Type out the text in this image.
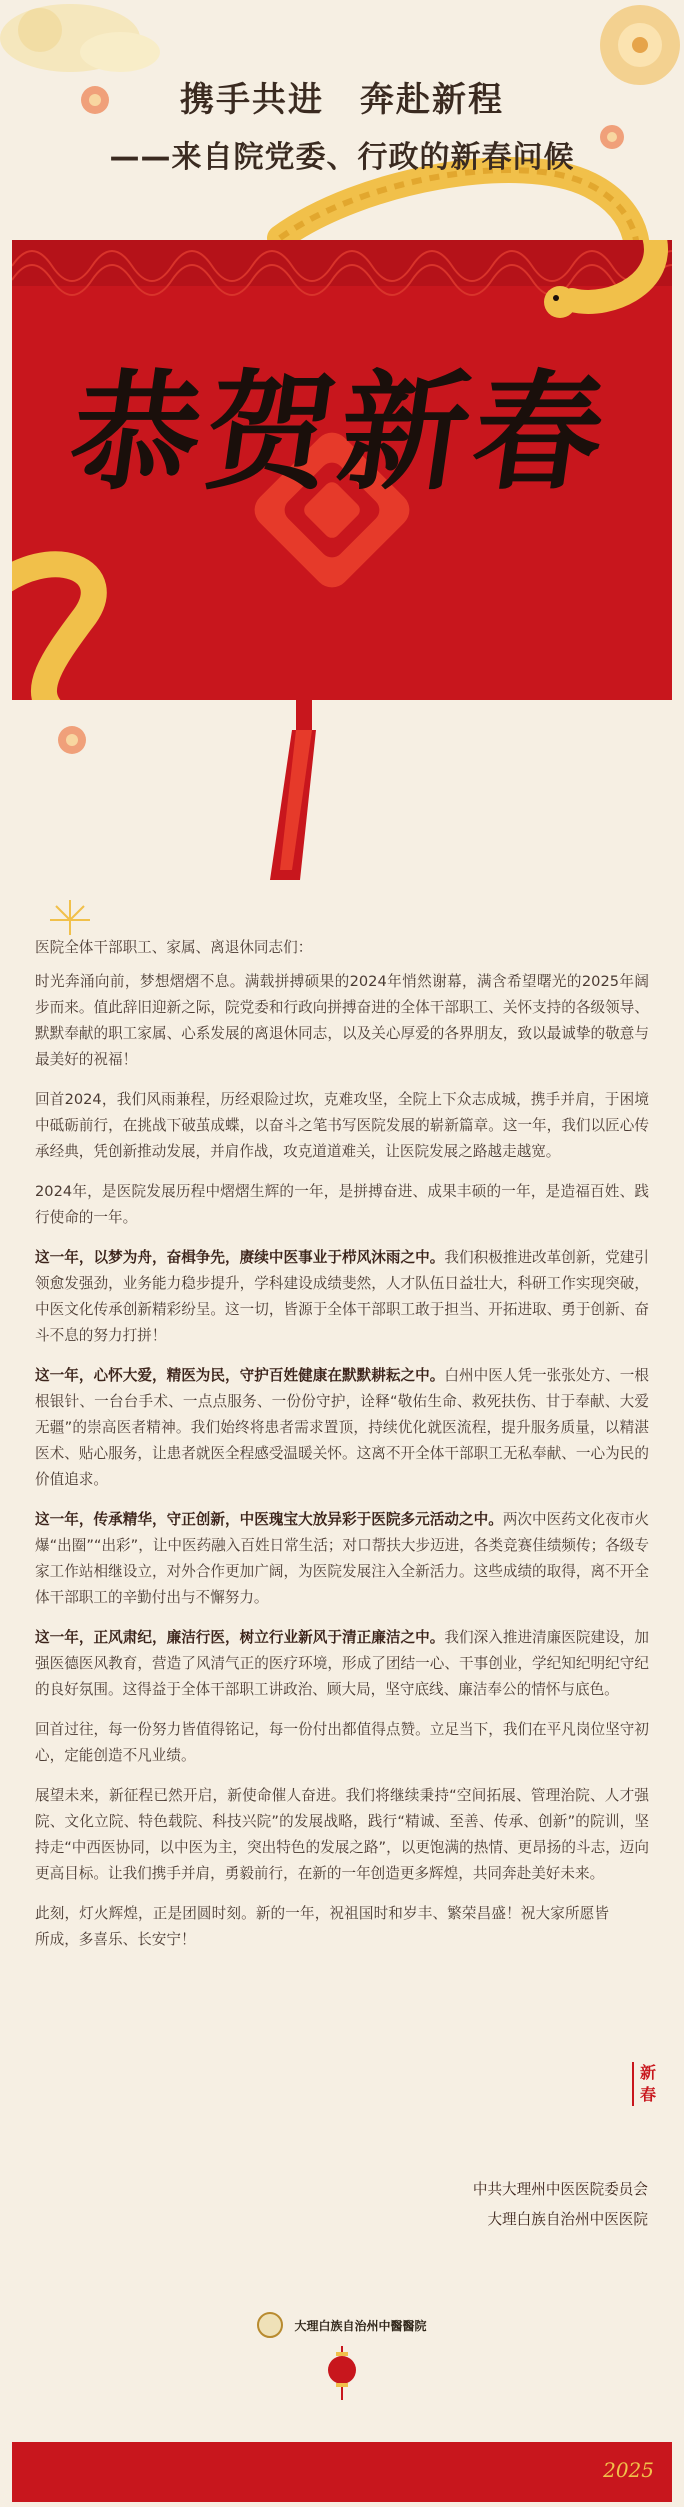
携手共进　奔赴新程
——来自院党委、行政的新春问候
恭贺新春

医院全体干部职工、家属、离退休同志们：

时光奔涌向前，梦想熠熠不息。满载拼搏硕果的2024年悄然谢幕，满含希望曙光的2025年阔步而来。值此辞旧迎新之际，院党委和行政向拼搏奋进的全体干部职工、关怀支持的各级领导、默默奉献的职工家属、心系发展的离退休同志，以及关心厚爱的各界朋友，致以最诚挚的敬意与最美好的祝福！

回首2024，我们风雨兼程，历经艰险过坎，克难攻坚，全院上下众志成城，携手并肩，于困境中砥砺前行，在挑战下破茧成蝶，以奋斗之笔书写医院发展的崭新篇章。这一年，我们以匠心传承经典，凭创新推动发展，并肩作战，攻克道道难关，让医院发展之路越走越宽。

2024年，是医院发展历程中熠熠生辉的一年，是拼搏奋进、成果丰硕的一年，是造福百姓、践行使命的一年。

这一年，以梦为舟，奋楫争先，赓续中医事业于栉风沐雨之中。我们积极推进改革创新，党建引领愈发强劲，业务能力稳步提升，学科建设成绩斐然，人才队伍日益壮大，科研工作实现突破，中医文化传承创新精彩纷呈。这一切，皆源于全体干部职工敢于担当、开拓进取、勇于创新、奋斗不息的努力打拼！

这一年，心怀大爱，精医为民，守护百姓健康在默默耕耘之中。白州中医人凭一张张处方、一根根银针、一台台手术、一点点服务、一份份守护，诠释“敬佑生命、救死扶伤、甘于奉献、大爱无疆”的崇高医者精神。我们始终将患者需求置顶，持续优化就医流程，提升服务质量，以精湛医术、贴心服务，让患者就医全程感受温暖关怀。这离不开全体干部职工无私奉献、一心为民的价值追求。

这一年，传承精华，守正创新，中医瑰宝大放异彩于医院多元活动之中。两次中医药文化夜市火爆“出圈”“出彩”，让中医药融入百姓日常生活；对口帮扶大步迈进，各类竞赛佳绩频传；各级专家工作站相继设立，对外合作更加广阔，为医院发展注入全新活力。这些成绩的取得，离不开全体干部职工的辛勤付出与不懈努力。

这一年，正风肃纪，廉洁行医，树立行业新风于清正廉洁之中。我们深入推进清廉医院建设，加强医德医风教育，营造了风清气正的医疗环境，形成了团结一心、干事创业，学纪知纪明纪守纪的良好氛围。这得益于全体干部职工讲政治、顾大局，坚守底线、廉洁奉公的情怀与底色。

回首过往，每一份努力皆值得铭记，每一份付出都值得点赞。立足当下，我们在平凡岗位坚守初心，定能创造不凡业绩。

展望未来，新征程已然开启，新使命催人奋进。我们将继续秉持“空间拓展、管理治院、人才强院、文化立院、特色载院、科技兴院”的发展战略，践行“精诚、至善、传承、创新”的院训，坚持走“中西医协同，以中医为主，突出特色的发展之路”，以更饱满的热情、更昂扬的斗志，迈向更高目标。让我们携手并肩，勇毅前行，在新的一年创造更多辉煌，共同奔赴美好未来。

此刻，灯火辉煌，正是团圆时刻。新的一年，祝祖国时和岁丰、繁荣昌盛！祝大家所愿皆所成，多喜乐、长安宁！

新春
中共大理州中医医院委员会
大理白族自治州中医医院
大理白族自治州中醫醫院
2025
